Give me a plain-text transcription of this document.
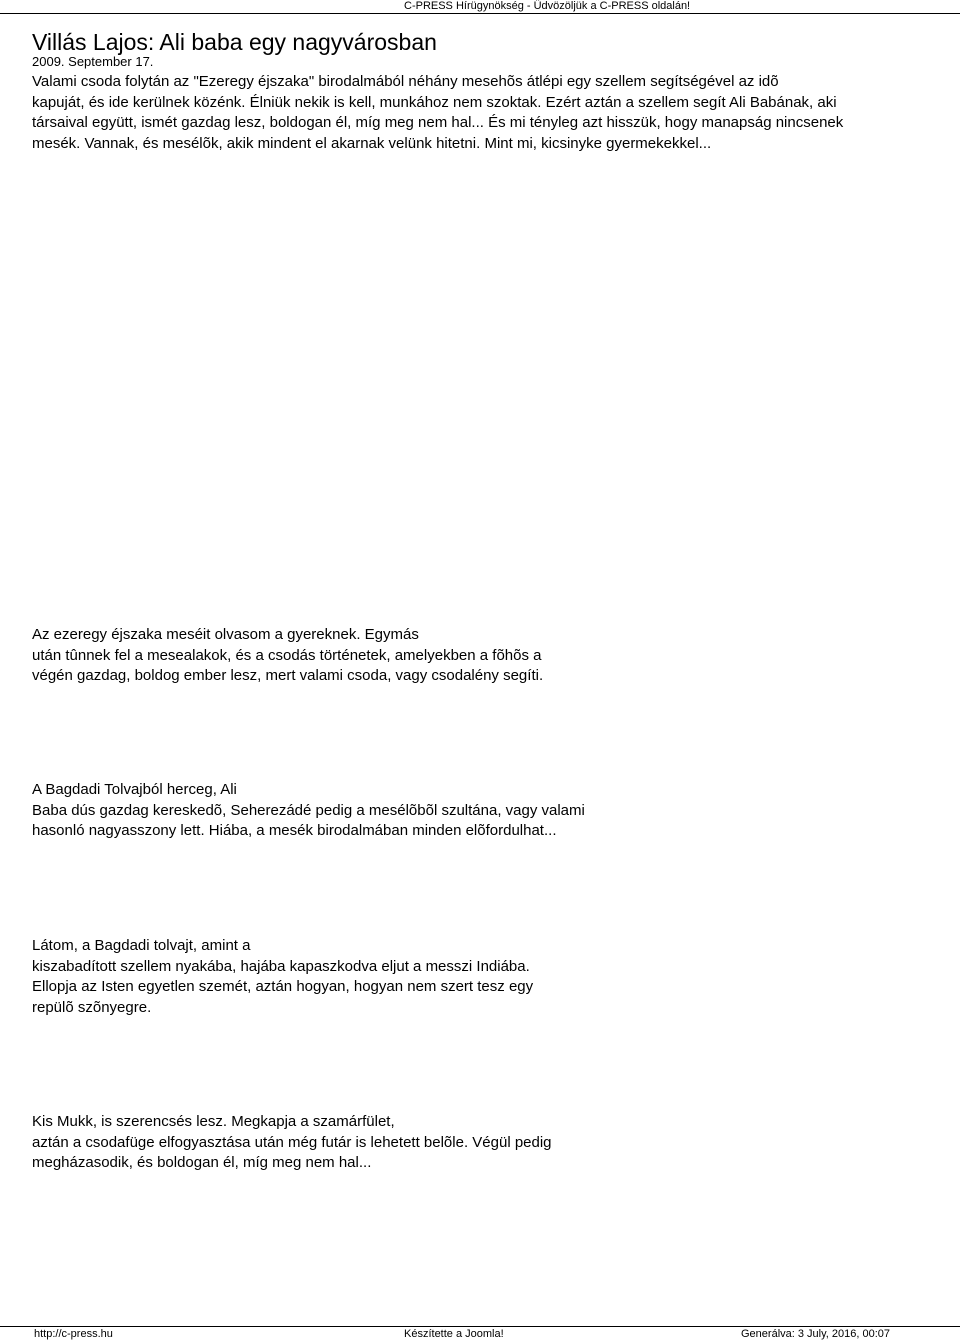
C-PRESS Hírügynökség - Üdvözöljük a C-PRESS oldalán!
Villás Lajos: Ali baba egy nagyvárosban
2009. September 17.
Valami csoda folytán az "Ezeregy éjszaka" birodalmából néhány mesehõs átlépi egy szellem segítségével az idõ
kapuját, és ide kerülnek közénk. Élniük nekik is kell, munkához nem szoktak. Ezért aztán a szellem segít Ali Babának, aki
társaival együtt, ismét gazdag lesz, boldogan él, míg meg nem hal... És mi tényleg azt hisszük, hogy manapság nincsenek
mesék. Vannak, és mesélõk, akik mindent el akarnak velünk hitetni. Mint mi, kicsinyke gyermekekkel...
Az ezeregy éjszaka meséit olvasom a gyereknek. Egymás
után tûnnek fel a mesealakok, és a csodás történetek, amelyekben a fõhõs a
végén gazdag, boldog ember lesz, mert valami csoda, vagy csodalény segíti.
A Bagdadi Tolvajból herceg, Ali
Baba dús gazdag kereskedõ, Seherezádé pedig a mesélõbõl szultána, vagy valami
hasonló nagyasszony lett. Hiába, a mesék birodalmában minden elõfordulhat...
Látom, a Bagdadi tolvajt, amint a
kiszabadított szellem nyakába, hajába kapaszkodva eljut a messzi Indiába.
Ellopja az Isten egyetlen szemét, aztán hogyan, hogyan nem szert tesz egy
repülõ szõnyegre.
Kis Mukk, is szerencsés lesz. Megkapja a szamárfület,
aztán a csodafüge elfogyasztása után még futár is lehetett belõle. Végül pedig
megházasodik, és boldogan él, míg meg nem hal...
http://c-press.hu	Készítette a Joomla!	Generálva: 3 July, 2016, 00:07
